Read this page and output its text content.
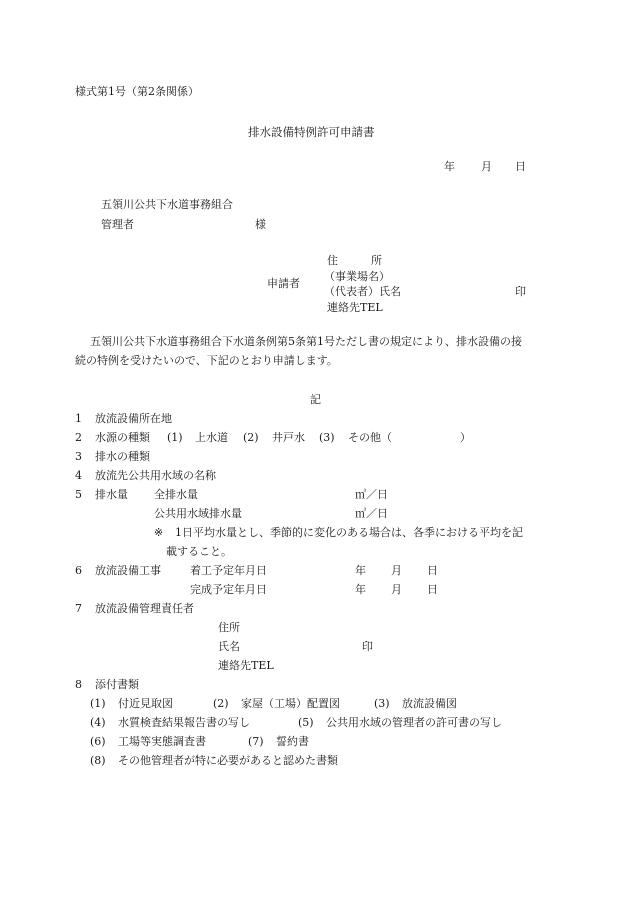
様式第1号（第2条関係）
排水設備特例許可申請書
年 月 日
五領川公共下水道事務組合
管理者	様
申請者
住　　　所
（事業場名）
（代表者）氏名	印
連絡先TEL
五領川公共下水道事務組合下水道条例第5条第1号ただし書の規定により、排水設備の接
続の特例を受けたいので、下記のとおり申請します。
記
1 放流設備所在地
2 水源の種類 (1) 上水道 (2) 井戸水 (3) その他（	）
3 排水の種類
4 放流先公共用水域の名称
5 排水量 全排水量	㎥／日
公共用水域排水量	㎥／日
※ 1日平均水量とし、季節的に変化のある場合は、各季における平均を記
載すること。
6 放流設備工事	着工予定年月日	年 月 日
完成予定年月日	年 月 日
7 放流設備管理責任者
住所
氏名	印
連絡先TEL
8 添付書類
(1) 付近見取図	(2) 家屋（工場）配置図	(3) 放流設備図
(4) 水質検査結果報告書の写し	(5) 公共用水域の管理者の許可書の写し
(6) 工場等実態調査書	(7) 誓約書
(8) その他管理者が特に必要があると認めた書類
